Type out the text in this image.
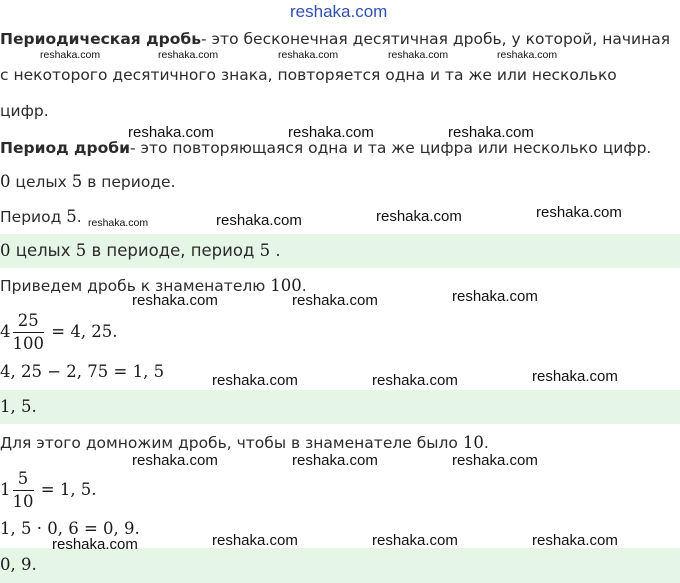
Периодическая дробь- это бесконечная десятичная дробь, у которой, начиная
с некоторого десятичного знака, повторяется одна и та же или несколько
цифр.
Период дроби- это повторяющаяся одна и та же цифра или несколько цифр.
0 целых 5 в периоде.
Период 5.
0 целых 5 в периоде, период 5 .
Приведем дробь к знаменателю 100.
$4 \frac{25}{100} = 4$, 25.
4, 25 − 2, 75 = 1, 5
1, 5.
Для этого домножим дробь, чтобы в знаменателе было 10.
$1 \frac{5}{10} = 1$, 5.
1, 5 · 0, 6 = 0, 9.
0, 9.
reshaka.com
reshaka.com	reshaka.com	reshaka.com	reshaka.com	reshaka.com
reshaka.com	reshaka.com	reshaka.com
reshaka.com	reshaka.com	reshaka.com	reshaka.com
reshaka.com	reshaka.com	reshaka.com
reshaka.com	reshaka.com	reshaka.com
reshaka.com	reshaka.com	reshaka.com
reshaka.com	reshaka.com	reshaka.com	reshaka.com
